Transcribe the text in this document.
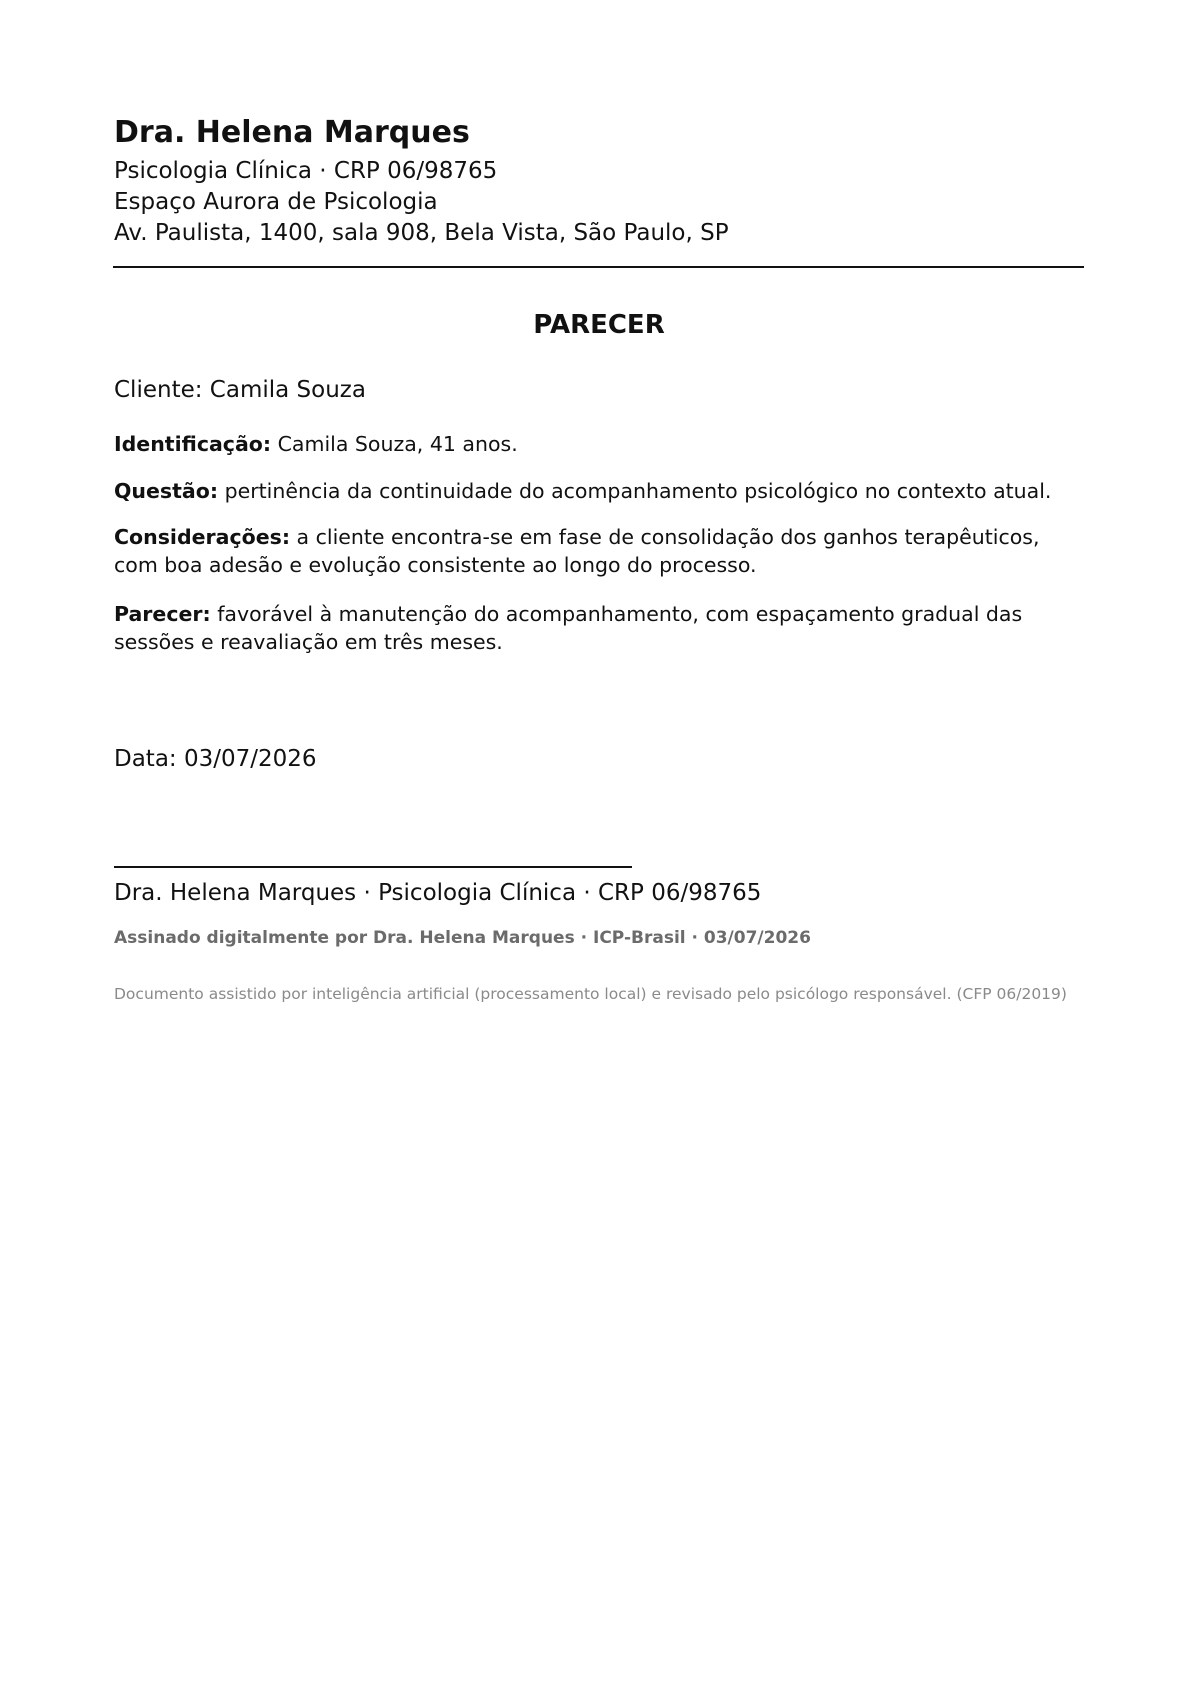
Dra. Helena Marques
Psicologia Clínica · CRP 06/98765
Espaço Aurora de Psicologia
Av. Paulista, 1400, sala 908, Bela Vista, São Paulo, SP
PARECER
Cliente: Camila Souza
Identificação: Camila Souza, 41 anos.
Questão: pertinência da continuidade do acompanhamento psicológico no contexto atual.
Considerações: a cliente encontra-se em fase de consolidação dos ganhos terapêuticos, com boa adesão e evolução consistente ao longo do processo.
Parecer: favorável à manutenção do acompanhamento, com espaçamento gradual das sessões e reavaliação em três meses.
Data: 03/07/2026
Dra. Helena Marques · Psicologia Clínica · CRP 06/98765
Assinado digitalmente por Dra. Helena Marques · ICP-Brasil · 03/07/2026
Documento assistido por inteligência artificial (processamento local) e revisado pelo psicólogo responsável. (CFP 06/2019)
